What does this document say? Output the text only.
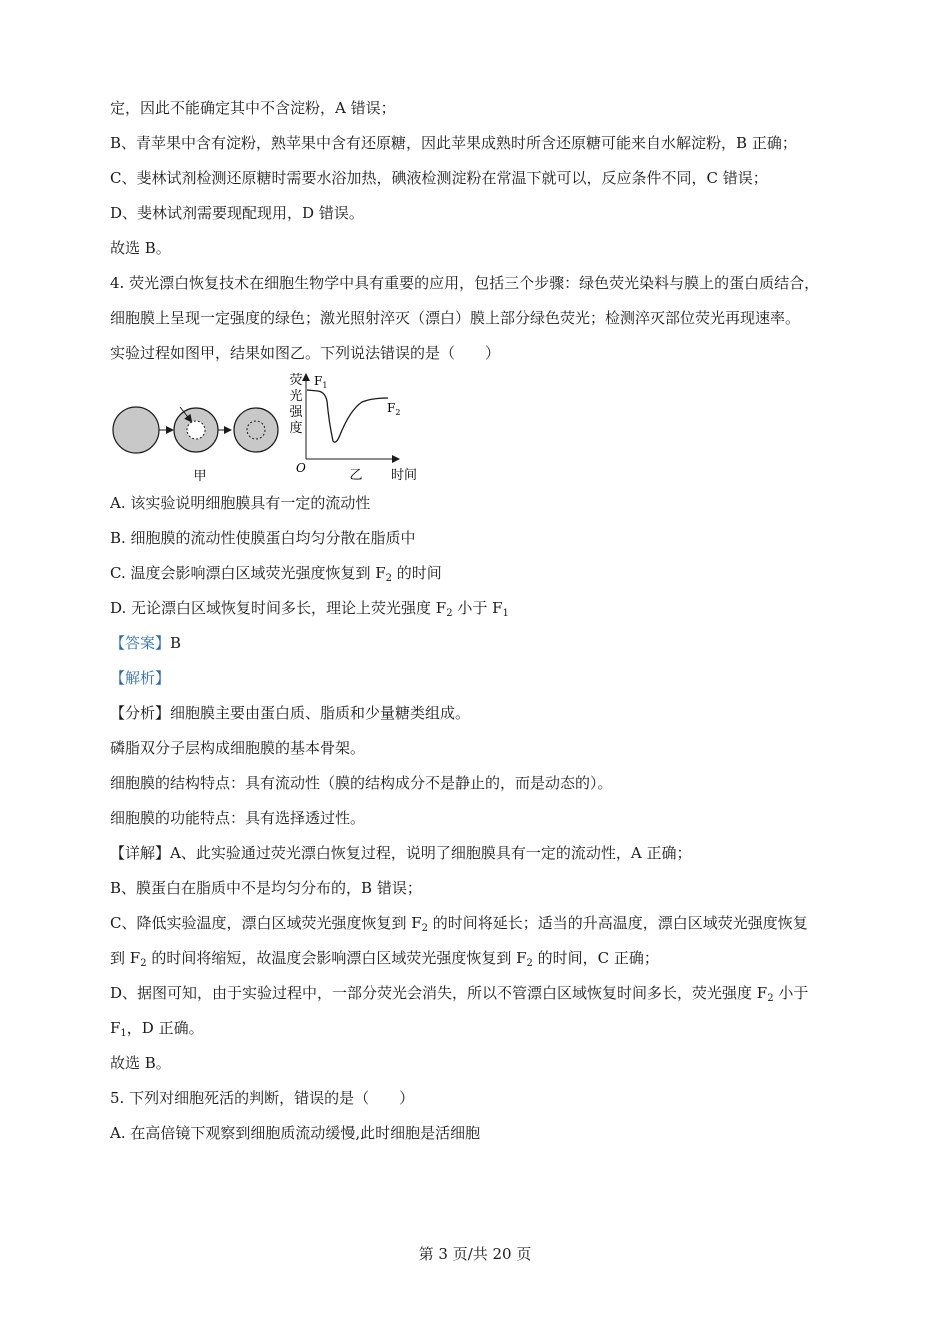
定，因此不能确定其中不含淀粉，A 错误；
B、青苹果中含有淀粉，熟苹果中含有还原糖，因此苹果成熟时所含还原糖可能来自水解淀粉，B 正确；
C、斐林试剂检测还原糖时需要水浴加热，碘液检测淀粉在常温下就可以，反应条件不同，C 错误；
D、斐林试剂需要现配现用，D 错误。
故选 B。
4. 荧光漂白恢复技术在细胞生物学中具有重要的应用，包括三个步骤：绿色荧光染料与膜上的蛋白质结合，
细胞膜上呈现一定强度的绿色；激光照射淬灭（漂白）膜上部分绿色荧光；检测淬灭部位荧光再现速率。
实验过程如图甲，结果如图乙。下列说法错误的是（　　）
甲
荧
光
强
度
$F_1$
$F_2$
O	乙 时间
A. 该实验说明细胞膜具有一定的流动性
B. 细胞膜的流动性使膜蛋白均匀分散在脂质中
C. 温度会影响漂白区域荧光强度恢复到 $F_2$ 的时间
D. 无论漂白区域恢复时间多长，理论上荧光强度 $F_2$ 小于 $F_1$
【答案】B
【解析】
【分析】细胞膜主要由蛋白质、脂质和少量糖类组成。
磷脂双分子层构成细胞膜的基本骨架。
细胞膜的结构特点：具有流动性（膜的结构成分不是静止的，而是动态的）。
细胞膜的功能特点：具有选择透过性。
【详解】A、此实验通过荧光漂白恢复过程，说明了细胞膜具有一定的流动性，A 正确；
B、膜蛋白在脂质中不是均匀分布的，B 错误；
C、降低实验温度，漂白区域荧光强度恢复到 $F_2$ 的时间将延长；适当的升高温度，漂白区域荧光强度恢复
到 $F_2$ 的时间将缩短，故温度会影响漂白区域荧光强度恢复到 $F_2$ 的时间，C 正确；
D、据图可知，由于实验过程中，一部分荧光会消失，所以不管漂白区域恢复时间多长，荧光强度 $F_2$ 小于
$F_1$，D 正确。
故选 B。
5. 下列对细胞死活的判断，错误的是（　　）
A. 在高倍镜下观察到细胞质流动缓慢,此时细胞是活细胞
第 3 页/共 20 页
